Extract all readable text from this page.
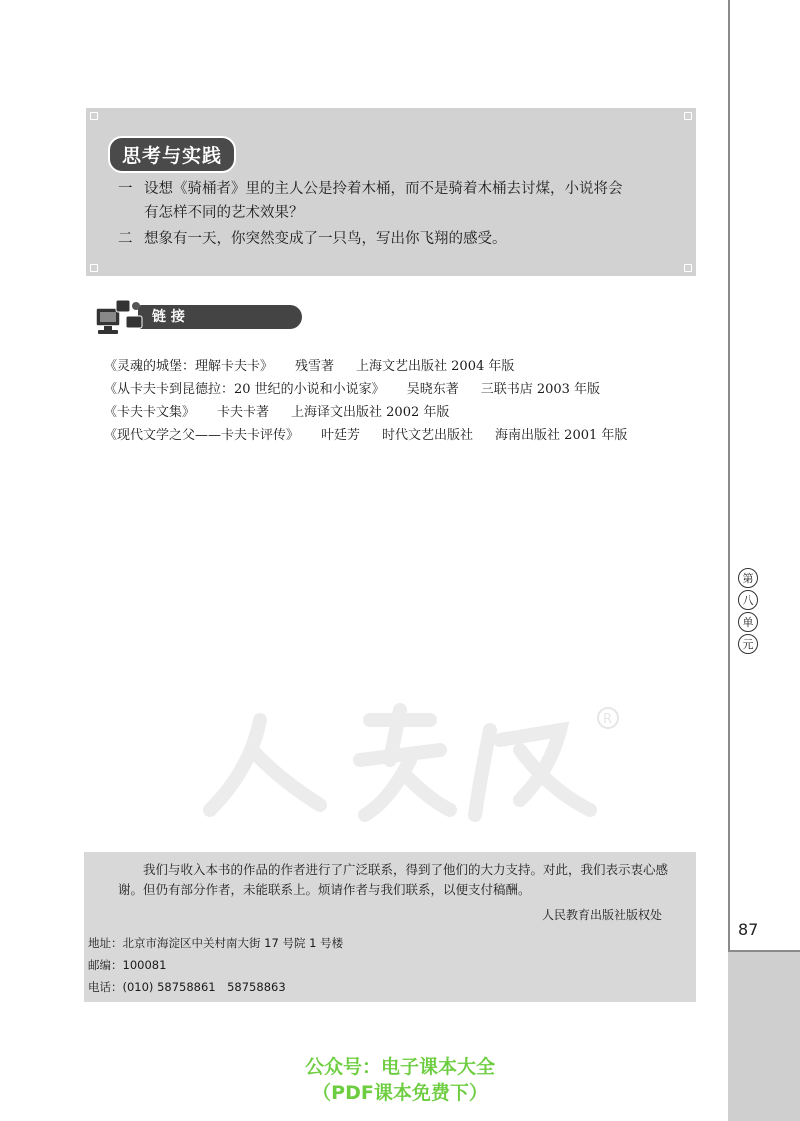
87
第
八
单
元
思考与实践
一 设想《骑桶者》里的主人公是拎着木桶，而不是骑着木桶去讨煤，小说将会
有怎样不同的艺术效果？
二 想象有一天，你突然变成了一只鸟，写出你飞翔的感受。
链 接
《灵魂的城堡：理解卡夫卡》 残雪著 上海文艺出版社 2004 年版
《从卡夫卡到昆德拉：20 世纪的小说和小说家》 吴晓东著 三联书店 2003 年版
《卡夫卡文集》 卡夫卡著 上海译文出版社 2002 年版
《现代文学之父——卡夫卡评传》 叶廷芳 时代文艺出版社 海南出版社 2001 年版
R
我们与收入本书的作品的作者进行了广泛联系，得到了他们的大力支持。对此，我们表示衷心感谢。但仍有部分作者，未能联系上。烦请作者与我们联系，以便支付稿酬。
人民教育出版社版权处
地址：北京市海淀区中关村南大街 17 号院 1 号楼
邮编：100081
电话：(010) 58758861　58758863
公众号：电子课本大全
（PDF课本免费下）
